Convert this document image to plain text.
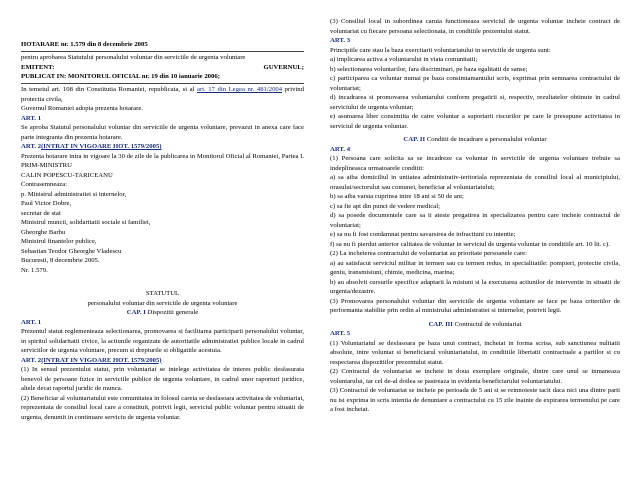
HOTARARE nr. 1.579 din 8 decembrie 2005

pentru aprobarea Statutului personalului voluntar din serviciile de urgenta voluntare

EMITENT:	GUVERNUL;

PUBLICAT IN: MONITORUL OFICIAL nr. 19 din 10 ianuarie 2006;

In temeiul art. 108 din Constitutia Romaniei, republicata, si al art. 17 din Legea nr. 481/2004 privind protectia civila,

Guvernul Romaniei adopta prezenta hotarare.

ART. 1

Se aproba Statutul personalului voluntar din serviciile de urgenta voluntare, prevazut in anexa care face parte integranta din prezenta hotarare.

ART. 2(INTRAT IN VIGOARE HOT. 1579/2005)

Prezenta hotarare intra in vigoare la 30 de zile de la publicarea in Monitorul Oficial al Romaniei, Partea I.

PRIM-MINISTRU

CALIN POPESCU-TARICEANU

Contrasemneaza:

p. Ministrul administratiei si internelor,

Paul Victor Dobre,

secretar de stat

Ministrul muncii, solidaritatii sociale si familiei,

Gheorghe Barbu

Ministrul finantelor publice,

Sebastian Teodor Gheorghe Vladescu

Bucuresti, 8 decembrie 2005.

Nr. 1.579.

STATUTUL

personalului voluntar din serviciile de urgenta voluntare

CAP. I Dispozitii generale

ART. 1

Prezentul statut reglementeaza selectionarea, promovarea si facilitarea participarii personalului voluntar, in spiritul solidaritatii civice, la actiunile organizate de autoritatile administratiei publice locale in cadrul serviciilor de urgenta voluntare, precum si drepturile si obligatiile acestuia.

ART. 2(INTRAT IN VIGOARE HOT. 1579/2005)

(1) In sensul prezentului statut, prin voluntariat se intelege activitatea de interes public desfasurata benevol de persoane fizice in serviciile publice de urgenta voluntare, in cadrul unor raporturi juridice, altele decat raportul juridic de munca.

(2) Beneficiar al voluntariatului este comunitatea in folosul careia se desfasoara activitatea de voluntariat, reprezentata de consiliul local care a constituit, potrivit legii, serviciul public voluntar pentru situatii de urgenta, denumit in continuare serviciu de urgenta voluntar.

(3) Consiliul local in subordinea caruia functioneaza serviciul de urgenta voluntar incheie contract de voluntariat cu fiecare persoana selectionata, in conditiile prezentului statut.

ART. 3

Principiile care stau la baza exercitarii voluntariatului in serviciile de urgenta sunt:

a) implicarea activa a voluntarului in viata comunitatii;

b) selectionarea voluntarilor, fara discriminari, pe baza egalitatii de sanse;

c) participarea ca voluntar numai pe baza consimtamantului scris, exprimat prin semnarea contractului de voluntariat;

d) incadrarea si promovarea voluntarului conform pregatirii si, respectiv, rezultatelor obtinute in cadrul serviciului de urgenta voluntar;

e) asumarea liber consimtita de catre voluntar a suportarii riscurilor pe care le presupune activitatea in serviciul de urgenta voluntar.

CAP. II Conditii de incadrare a personalului voluntar

ART. 4

(1) Persoana care solicita sa se incadreze ca voluntar in serviciile de urgenta voluntare trebuie sa indeplineasca urmatoarele conditii:

a) sa aiba domiciliul in unitatea administrativ-teritoriala reprezentata de consiliul local al municipiului, orasului/sectorului sau comunei, beneficiar al voluntariatului;

b) sa aiba varsta cuprinsa intre 18 ani si 50 de ani;

c) sa fie apt din punct de vedere medical;

d) sa posede documentele care sa ii ateste pregatirea in specializarea pentru care incheie contractul de voluntariat;

e) sa nu fi fost condamnat pentru savarsirea de infractiuni cu intentie;

f) sa nu fi pierdut anterior calitatea de voluntar in serviciul de urgenta voluntar in conditiile art. 10 lit. c).

(2) La incheierea contractului de voluntariat au prioritate persoanele care:

a) au satisfacut serviciul militar in termen sau cu termen redus, in specialitatile: pompieri, protectie civila, geniu, transmisiuni, chimie, medicina, marina;

b) au absolvit cursurile specifice adaptarii la misiuni si la executarea actiunilor de interventie in situatii de urgenta/dezastre.

(3) Promovarea personalului voluntar din serviciile de urgenta voluntare se face pe baza criteriilor de performanta stabilite prin ordin al ministrului administratiei si internelor, potrivit legii.

CAP. III Contractul de voluntariat

ART. 5

(1) Voluntariatul se desfasoara pe baza unui contract, incheiat in forma scrisa, sub sanctiunea nulitatii absolute, intre voluntar si beneficiarul voluntariatului, in conditiile libertatii contractuale a partilor si cu respectarea dispozitiilor prezentului statut.

(2) Contractul de voluntariat se incheie in doua exemplare originale, dintre care unul se inmaneaza voluntarului, iar cel de-al doilea se pastreaza in evidenta beneficiarului voluntariatului.

(3) Contractul de voluntariat se incheie pe perioada de 5 ani si se reinnoieste tacit daca nici una dintre parti nu isi exprima in scris intentia de denuntare a contractului cu 15 zile inainte de expirarea termenului pe care a fost incheiat.
